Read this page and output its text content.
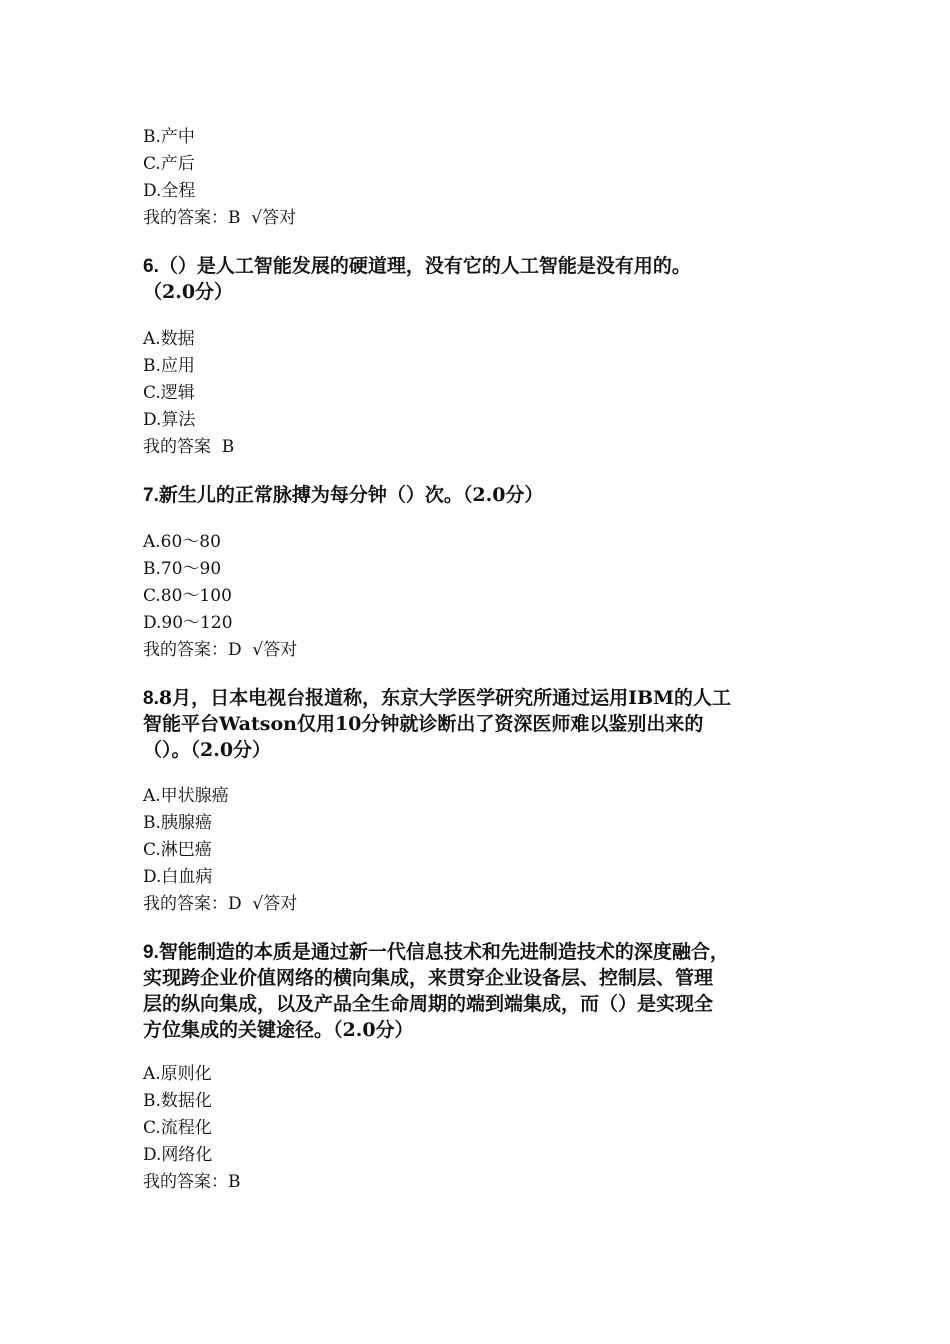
B.产中
C.产后
D.全程
我的答案：B  √答对
6.（）是人工智能发展的硬道理，没有它的人工智能是没有用的。
（2.0分）
A.数据
B.应用
C.逻辑
D.算法
我的答案  B
7.新生儿的正常脉搏为每分钟（）次。（2.0分）
A.60～80
B.70～90
C.80～100
D.90～120
我的答案：D  √答对
8.8月，日本电视台报道称，东京大学医学研究所通过运用IBM的人工
智能平台Watson仅用10分钟就诊断出了资深医师难以鉴别出来的
（）。（2.0分）
A.甲状腺癌
B.胰腺癌
C.淋巴癌
D.白血病
我的答案：D  √答对
9.智能制造的本质是通过新一代信息技术和先进制造技术的深度融合，
实现跨企业价值网络的横向集成，来贯穿企业设备层、控制层、管理
层的纵向集成，以及产品全生命周期的端到端集成，而（）是实现全
方位集成的关键途径。（2.0分）
A.原则化
B.数据化
C.流程化
D.网络化
我的答案：B
